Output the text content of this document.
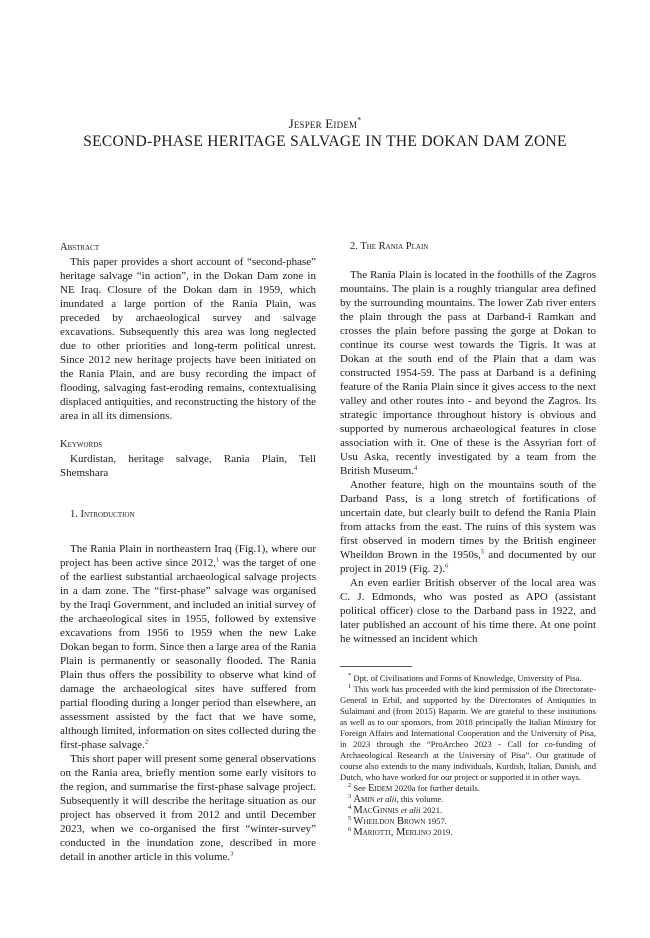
Jesper Eidem*
SECOND-PHASE HERITAGE SALVAGE IN THE DOKAN DAM ZONE

Abstract

This paper provides a short account of “second-phase” heritage salvage “in action”, in the Dokan Dam zone in NE Iraq. Closure of the Dokan dam in 1959, which inundated a large portion of the Rania Plain, was preceded by archaeological survey and salvage excavations. Subsequently this area was long neglected due to other priorities and long-term political unrest. Since 2012 new heritage projects have been initiated on the Rania Plain, and are busy recording the impact of flooding, salvaging fast-eroding remains, contextualising displaced antiquities, and reconstructing the history of the area in all its dimensions.

Keywords

Kurdistan, heritage salvage, Rania Plain, Tell Shemshara

1. Introduction

The Rania Plain in northeastern Iraq (Fig.1), where our project has been active since 2012,$^1$ was the target of one of the earliest substantial archaeological salvage projects in a dam zone. The “first-phase” salvage was organised by the Iraqi Government, and included an initial survey of the archaeological sites in 1955, followed by extensive excavations from 1956 to 1959 when the new Lake Dokan began to form. Since then a large area of the Rania Plain is permanently or seasonally flooded. The Rania Plain thus offers the possibility to observe what kind of damage the archaeological sites have suffered from partial flooding during a longer period than elsewhere, an assessment assisted by the fact that we have some, although limited, information on sites collected during the first-phase salvage.$^2$

This short paper will present some general observations on the Rania area, briefly mention some early visitors to the region, and summarise the first-phase salvage project. Subsequently it will describe the heritage situation as our project has observed it from 2012 and until December 2023, when we co-organised the first “winter-survey” conducted in the inundation zone, described in more detail in another article in this volume.$^3$

2. The Rania Plain

The Rania Plain is located in the foothills of the Zagros mountains. The plain is a roughly triangular area defined by the surrounding mountains. The lower Zab river enters the plain through the pass at Darband-i Ramkan and crosses the plain before passing the gorge at Dokan to continue its course west towards the Tigris. It was at Dokan at the south end of the Plain that a dam was constructed 1954-59. The pass at Darband is a defining feature of the Rania Plain since it gives access to the next valley and other routes into - and beyond the Zagros. Its strategic importance throughout history is obvious and supported by numerous archaeological features in close association with it. One of these is the Assyrian fort of Usu Aska, recently investigated by a team from the British Museum.$^4$

Another feature, high on the mountains south of the Darband Pass, is a long stretch of fortifications of uncertain date, but clearly built to defend the Rania Plain from attacks from the east. The ruins of this system was first observed in modern times by the British engineer Wheildon Brown in the 1950s,$^5$ and documented by our project in 2019 (Fig. 2).$^6$

An even earlier British observer of the local area was C. J. Edmonds, who was posted as APO (assistant political officer) close to the Darband pass in 1922, and later published an account of his time there. At one point he witnessed an incident which

* Dpt. of Civilisations and Forms of Knowledge, University of Pisa.

$^1$ This work has proceeded with the kind permission of the Directorate-General in Erbil, and supported by the Directorates of Antiquities in Sulaimani and (from 2015) Raparin. We are grateful to these institutions as well as to our sponsors, from 2018 principally the Italian Ministry for Foreign Affairs and International Cooperation and the University of Pisa, in 2023 through the “ProArcheo 2023 - Call for co-funding of Archaeological Research at the University of Pisa”. Our gratitude of course also extends to the many individuals, Kurdish, Italian, Danish, and Dutch, who have worked for our project or supported it in other ways.

$^2$ See Eidem 2020a for further details.

$^3$ Amin et alii, this volume.

$^4$ MacGinnis et alii 2021.

$^5$ Wheildon Brown 1957.

$^6$ Mariotti, Merlino 2019.
